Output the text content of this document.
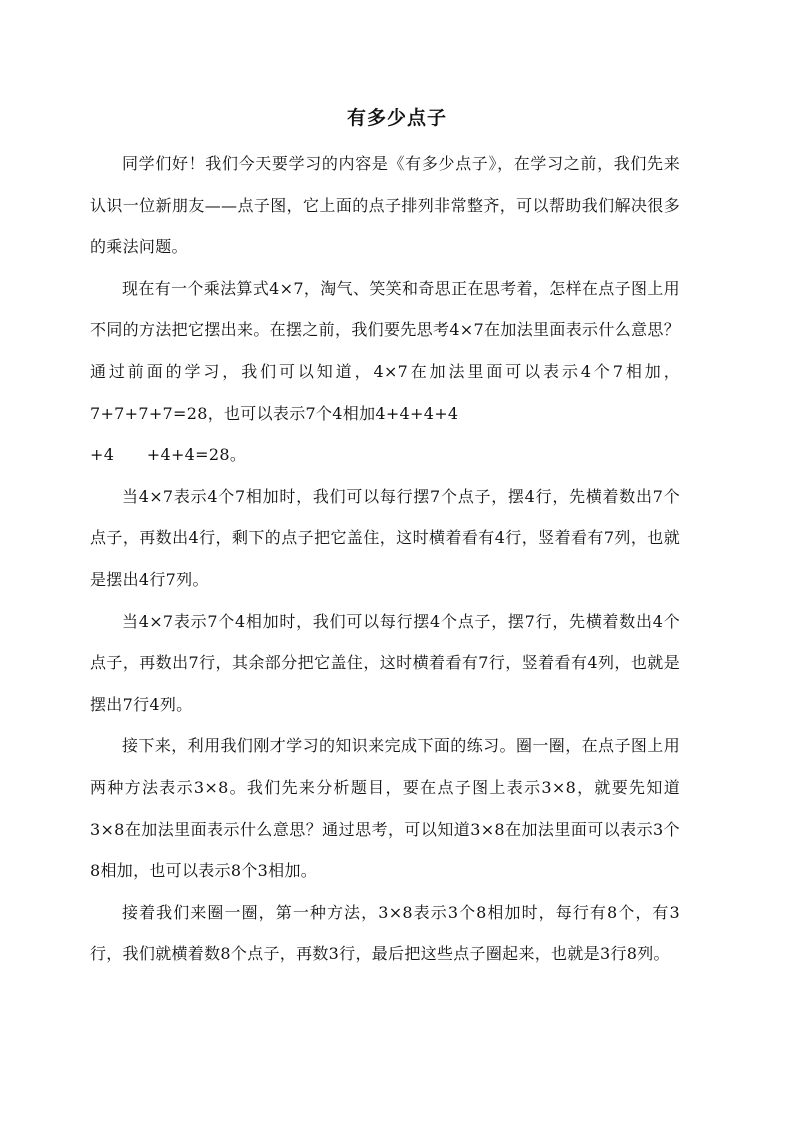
有多少点子

同学们好！我们今天要学习的内容是《有多少点子》，在学习之前，我们先来认识一位新朋友——点子图，它上面的点子排列非常整齐，可以帮助我们解决很多的乘法问题。

现在有一个乘法算式4×7，淘气、笑笑和奇思正在思考着，怎样在点子图上用不同的方法把它摆出来。在摆之前，我们要先思考4×7在加法里面表示什么意思？通过前面的学习，我们可以知道，4×7在加法里面可以表示4个7相加，7+7+7+7=28，也可以表示7个4相加4+4+4+4

+4　　+4+4=28。

当4×7表示4个7相加时，我们可以每行摆7个点子，摆4行，先横着数出7个点子，再数出4行，剩下的点子把它盖住，这时横着看有4行，竖着看有7列，也就是摆出4行7列。

当4×7表示7个4相加时，我们可以每行摆4个点子，摆7行，先横着数出4个点子，再数出7行，其余部分把它盖住，这时横着看有7行，竖着看有4列，也就是摆出7行4列。

接下来，利用我们刚才学习的知识来完成下面的练习。圈一圈，在点子图上用两种方法表示3×8。我们先来分析题目，要在点子图上表示3×8，就要先知道3×8在加法里面表示什么意思？通过思考，可以知道3×8在加法里面可以表示3个8相加，也可以表示8个3相加。

接着我们来圈一圈，第一种方法，3×8表示3个8相加时，每行有8个，有3行，我们就横着数8个点子，再数3行，最后把这些点子圈起来，也就是3行8列。
